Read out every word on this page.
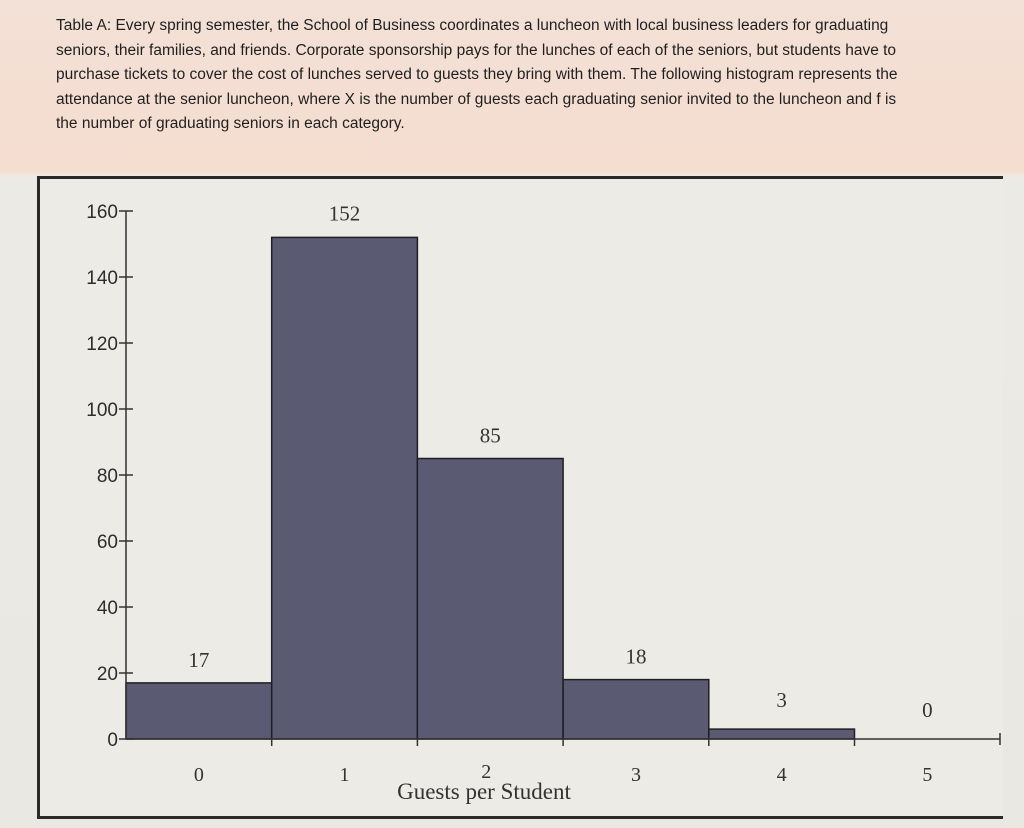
Table A: Every spring semester, the School of Business coordinates a luncheon with local business leaders for graduating seniors, their families, and friends. Corporate sponsorship pays for the lunches of each of the seniors, but students have to purchase tickets to cover the cost of lunches served to guests they bring with them. The following histogram represents the attendance at the senior luncheon, where X is the number of guests each graduating senior invited to the luncheon and f is the number of graduating seniors in each category.
0
20
40
60
80
100
120
140
160
0	1	2	3	4	5
17
152
85
18
3	0
Guests per Student
